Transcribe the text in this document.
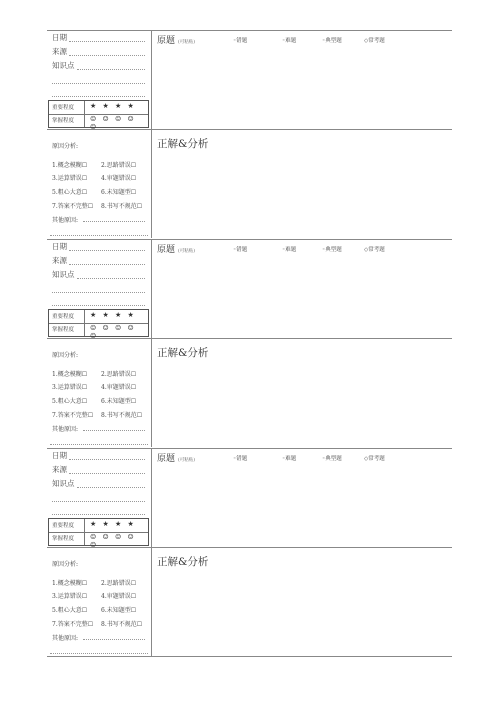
日期
来源
知识点
重要程度 ★ ★ ★ ★
掌握程度 ☺ ☺ ☺ ☺ ☺
原因分析:
1.概念模糊☐ 2.思路错误☐
3.运算错误☐ 4.审题错误☐
5.粗心大意☐ 6.未知题型☐
7.答案不完整☐ 8.书写不规范☐
其他原因:
原题 (可粘贴)	◦错题	◦难题	◦典型题	◇常考题
正解&分析
日期
来源
知识点
重要程度 ★ ★ ★ ★
掌握程度 ☺ ☺ ☺ ☺ ☺
原因分析:
1.概念模糊☐ 2.思路错误☐
3.运算错误☐ 4.审题错误☐
5.粗心大意☐ 6.未知题型☐
7.答案不完整☐ 8.书写不规范☐
其他原因:
原题 (可粘贴)	◦错题	◦难题	◦典型题	◇常考题
正解&分析
日期
来源
知识点
重要程度 ★ ★ ★ ★
掌握程度 ☺ ☺ ☺ ☺ ☺
原因分析:
1.概念模糊☐ 2.思路错误☐
3.运算错误☐ 4.审题错误☐
5.粗心大意☐ 6.未知题型☐
7.答案不完整☐ 8.书写不规范☐
其他原因:
原题 (可粘贴)	◦错题	◦难题	◦典型题	◇常考题
正解&分析
